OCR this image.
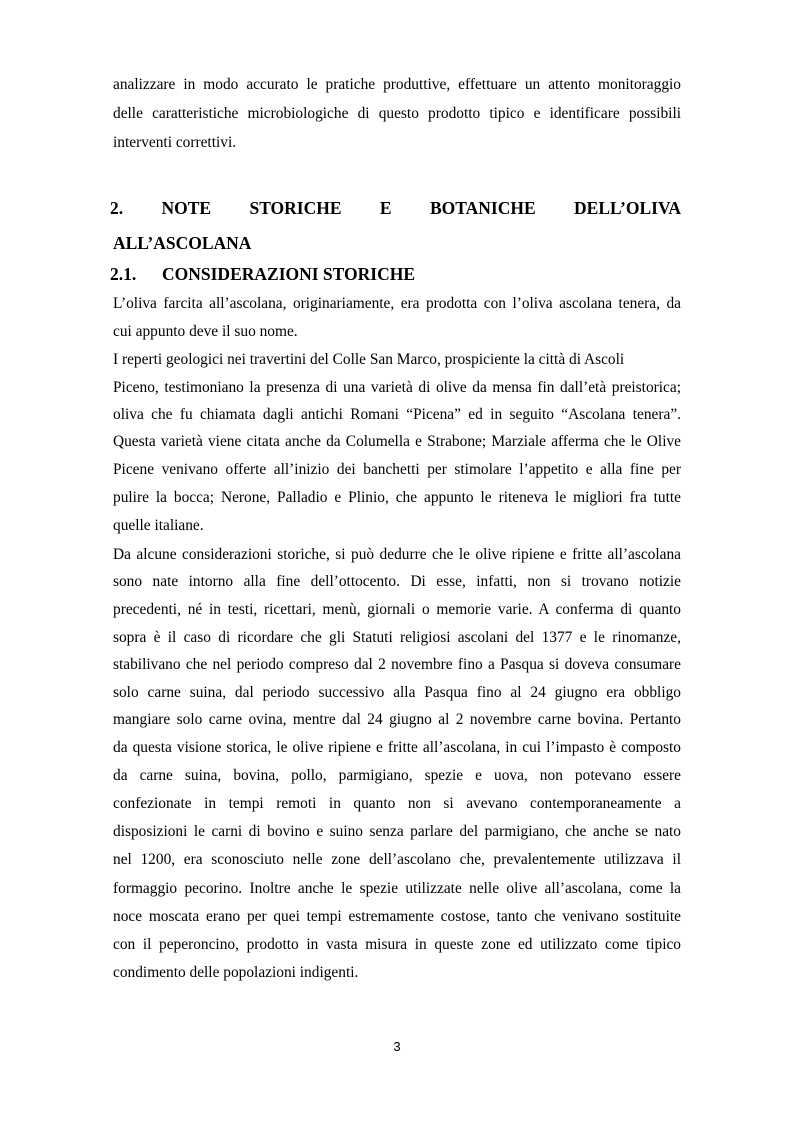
analizzare in modo accurato le pratiche produttive, effettuare un attento monitoraggio
delle caratteristiche microbiologiche di questo prodotto tipico e identificare possibili
interventi correttivi.
2.      NOTE      STORICHE      E      BOTANICHE      DELL’OLIVA
ALL’ASCOLANA
2.1. CONSIDERAZIONI STORICHE
L’oliva farcita all’ascolana, originariamente, era prodotta con l’oliva ascolana tenera, da
cui appunto deve il suo nome.
I reperti geologici nei travertini del Colle San Marco, prospiciente la città di Ascoli
Piceno, testimoniano la presenza di una varietà di olive da mensa fin dall’età preistorica;
oliva che fu chiamata dagli antichi Romani “Picena” ed in seguito “Ascolana tenera”.
Questa varietà viene citata anche da Columella e Strabone; Marziale afferma che le Olive
Picene venivano offerte all’inizio dei banchetti per stimolare l’appetito e alla fine per
pulire la bocca; Nerone, Palladio e Plinio, che appunto le riteneva le migliori fra tutte
quelle italiane.
Da alcune considerazioni storiche, si può dedurre che le olive ripiene e fritte all’ascolana
sono nate intorno alla fine dell’ottocento. Di esse, infatti, non si trovano notizie
precedenti, né in testi, ricettari, menù, giornali o memorie varie. A conferma di quanto
sopra è il caso di ricordare che gli Statuti religiosi ascolani del 1377 e le rinomanze,
stabilivano che nel periodo compreso dal 2 novembre fino a Pasqua si doveva consumare
solo carne suina, dal periodo successivo alla Pasqua fino al 24 giugno era obbligo
mangiare solo carne ovina, mentre dal 24 giugno al 2 novembre carne bovina. Pertanto
da questa visione storica, le olive ripiene e fritte all’ascolana, in cui l’impasto è composto
da carne suina, bovina, pollo, parmigiano, spezie e uova, non potevano essere
confezionate in tempi remoti in quanto non si avevano contemporaneamente a
disposizioni le carni di bovino e suino senza parlare del parmigiano, che anche se nato
nel 1200, era sconosciuto nelle zone dell’ascolano che, prevalentemente utilizzava il
formaggio pecorino. Inoltre anche le spezie utilizzate nelle olive all’ascolana, come la
noce moscata erano per quei tempi estremamente costose, tanto che venivano sostituite
con il peperoncino, prodotto in vasta misura in queste zone ed utilizzato come tipico
condimento delle popolazioni indigenti.
3
